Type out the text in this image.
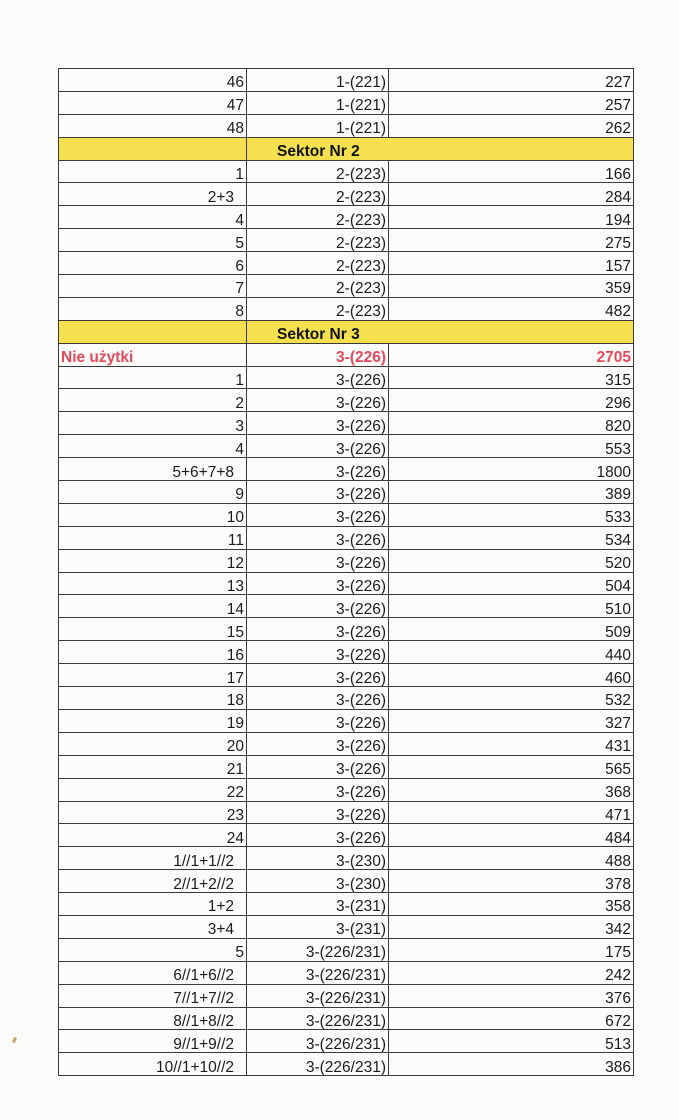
46	1-(221)	227
47	1-(221)	257
48	1-(221)	262
	Sektor Nr 2	
1	2-(223)	166
2+3	2-(223)	284
4	2-(223)	194
5	2-(223)	275
6	2-(223)	157
7	2-(223)	359
8	2-(223)	482
	Sektor Nr 3	
Nie użytki	3-(226)	2705
1	3-(226)	315
2	3-(226)	296
3	3-(226)	820
4	3-(226)	553
5+6+7+8	3-(226)	1800
9	3-(226)	389
10	3-(226)	533
11	3-(226)	534
12	3-(226)	520
13	3-(226)	504
14	3-(226)	510
15	3-(226)	509
16	3-(226)	440
17	3-(226)	460
18	3-(226)	532
19	3-(226)	327
20	3-(226)	431
21	3-(226)	565
22	3-(226)	368
23	3-(226)	471
24	3-(226)	484
1//1+1//2	3-(230)	488
2//1+2//2	3-(230)	378
1+2	3-(231)	358
3+4	3-(231)	342
5	3-(226/231)	175
6//1+6//2	3-(226/231)	242
7//1+7//2	3-(226/231)	376
8//1+8//2	3-(226/231)	672
9//1+9//2	3-(226/231)	513
10//1+10//2	3-(226/231)	386
